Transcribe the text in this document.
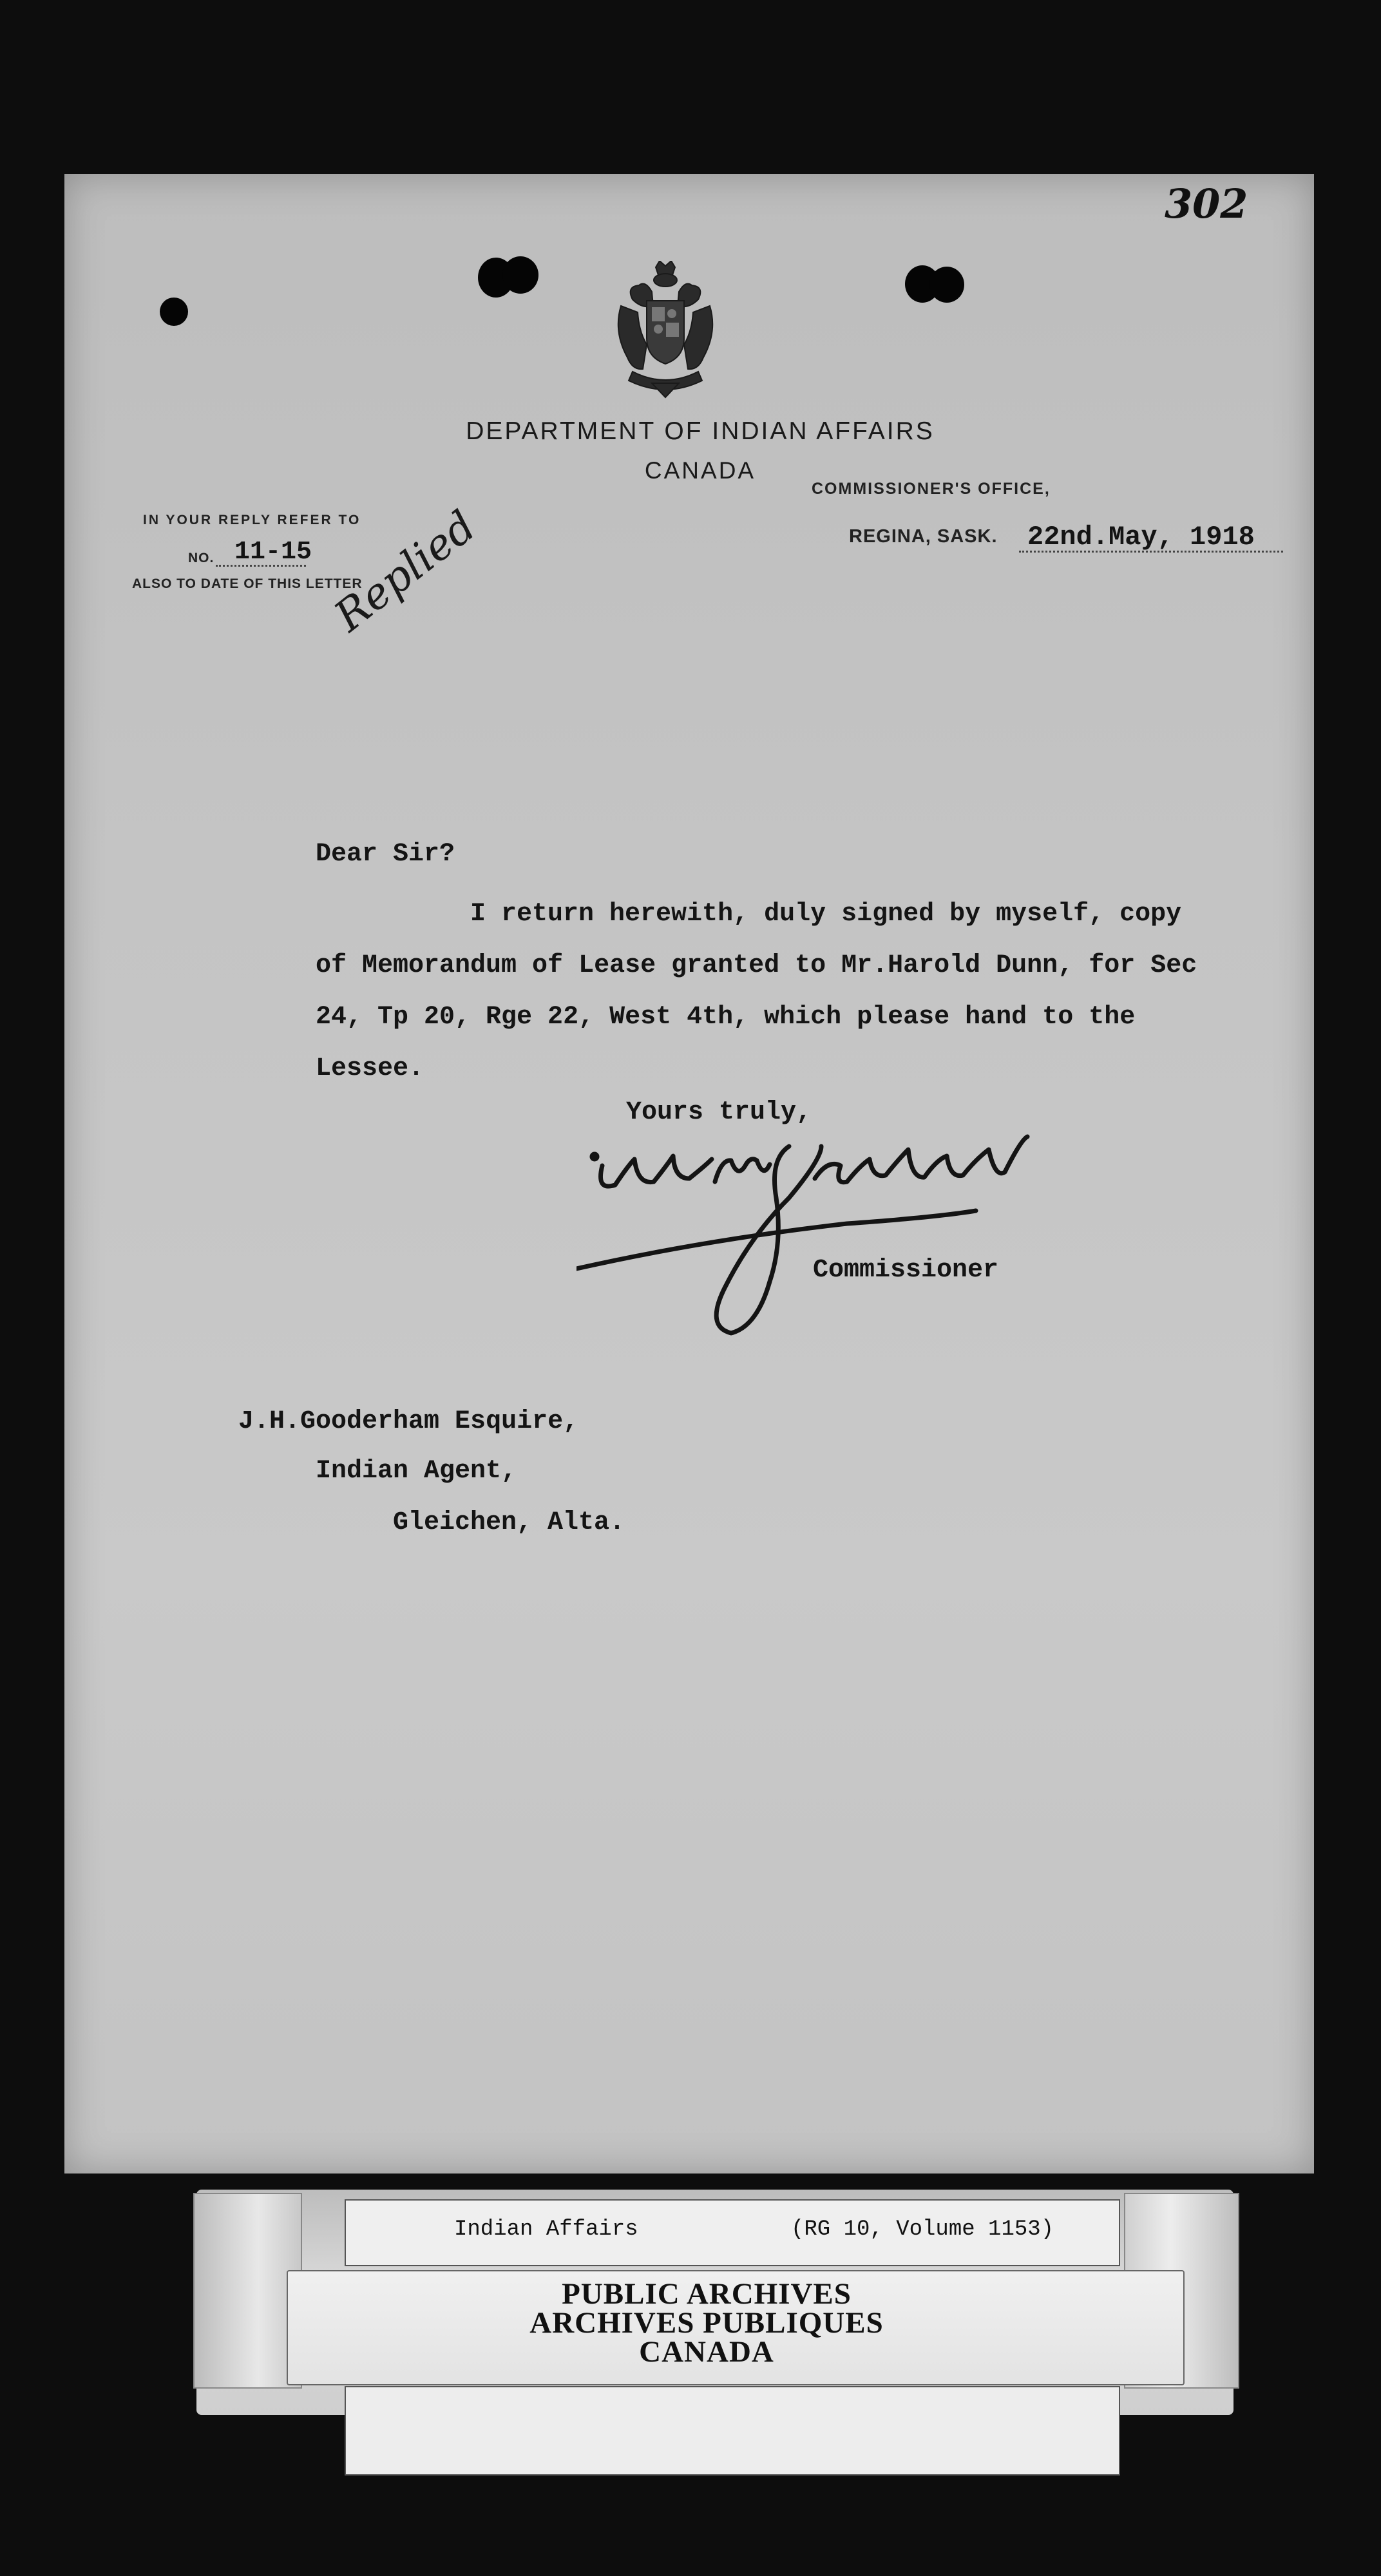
302
DEPARTMENT OF INDIAN AFFAIRS
CANADA
COMMISSIONER'S OFFICE,
REGINA, SASK. 22nd.May, 1918
IN YOUR REPLY REFER TO
NO. 11-15
ALSO TO DATE OF THIS LETTER
Replied
Dear Sir?
I return herewith, duly signed by myself, copy
of Memorandum of Lease granted to Mr.Harold Dunn, for Sec
24, Tp 20, Rge 22, West 4th, which please hand to the
Lessee.
Yours truly,
Commissioner
J.H.Gooderham Esquire,
Indian Agent,
Gleichen, Alta.
Indian Affairs	(RG 10, Volume 1153)
PUBLIC ARCHIVES
ARCHIVES PUBLIQUES
CANADA
